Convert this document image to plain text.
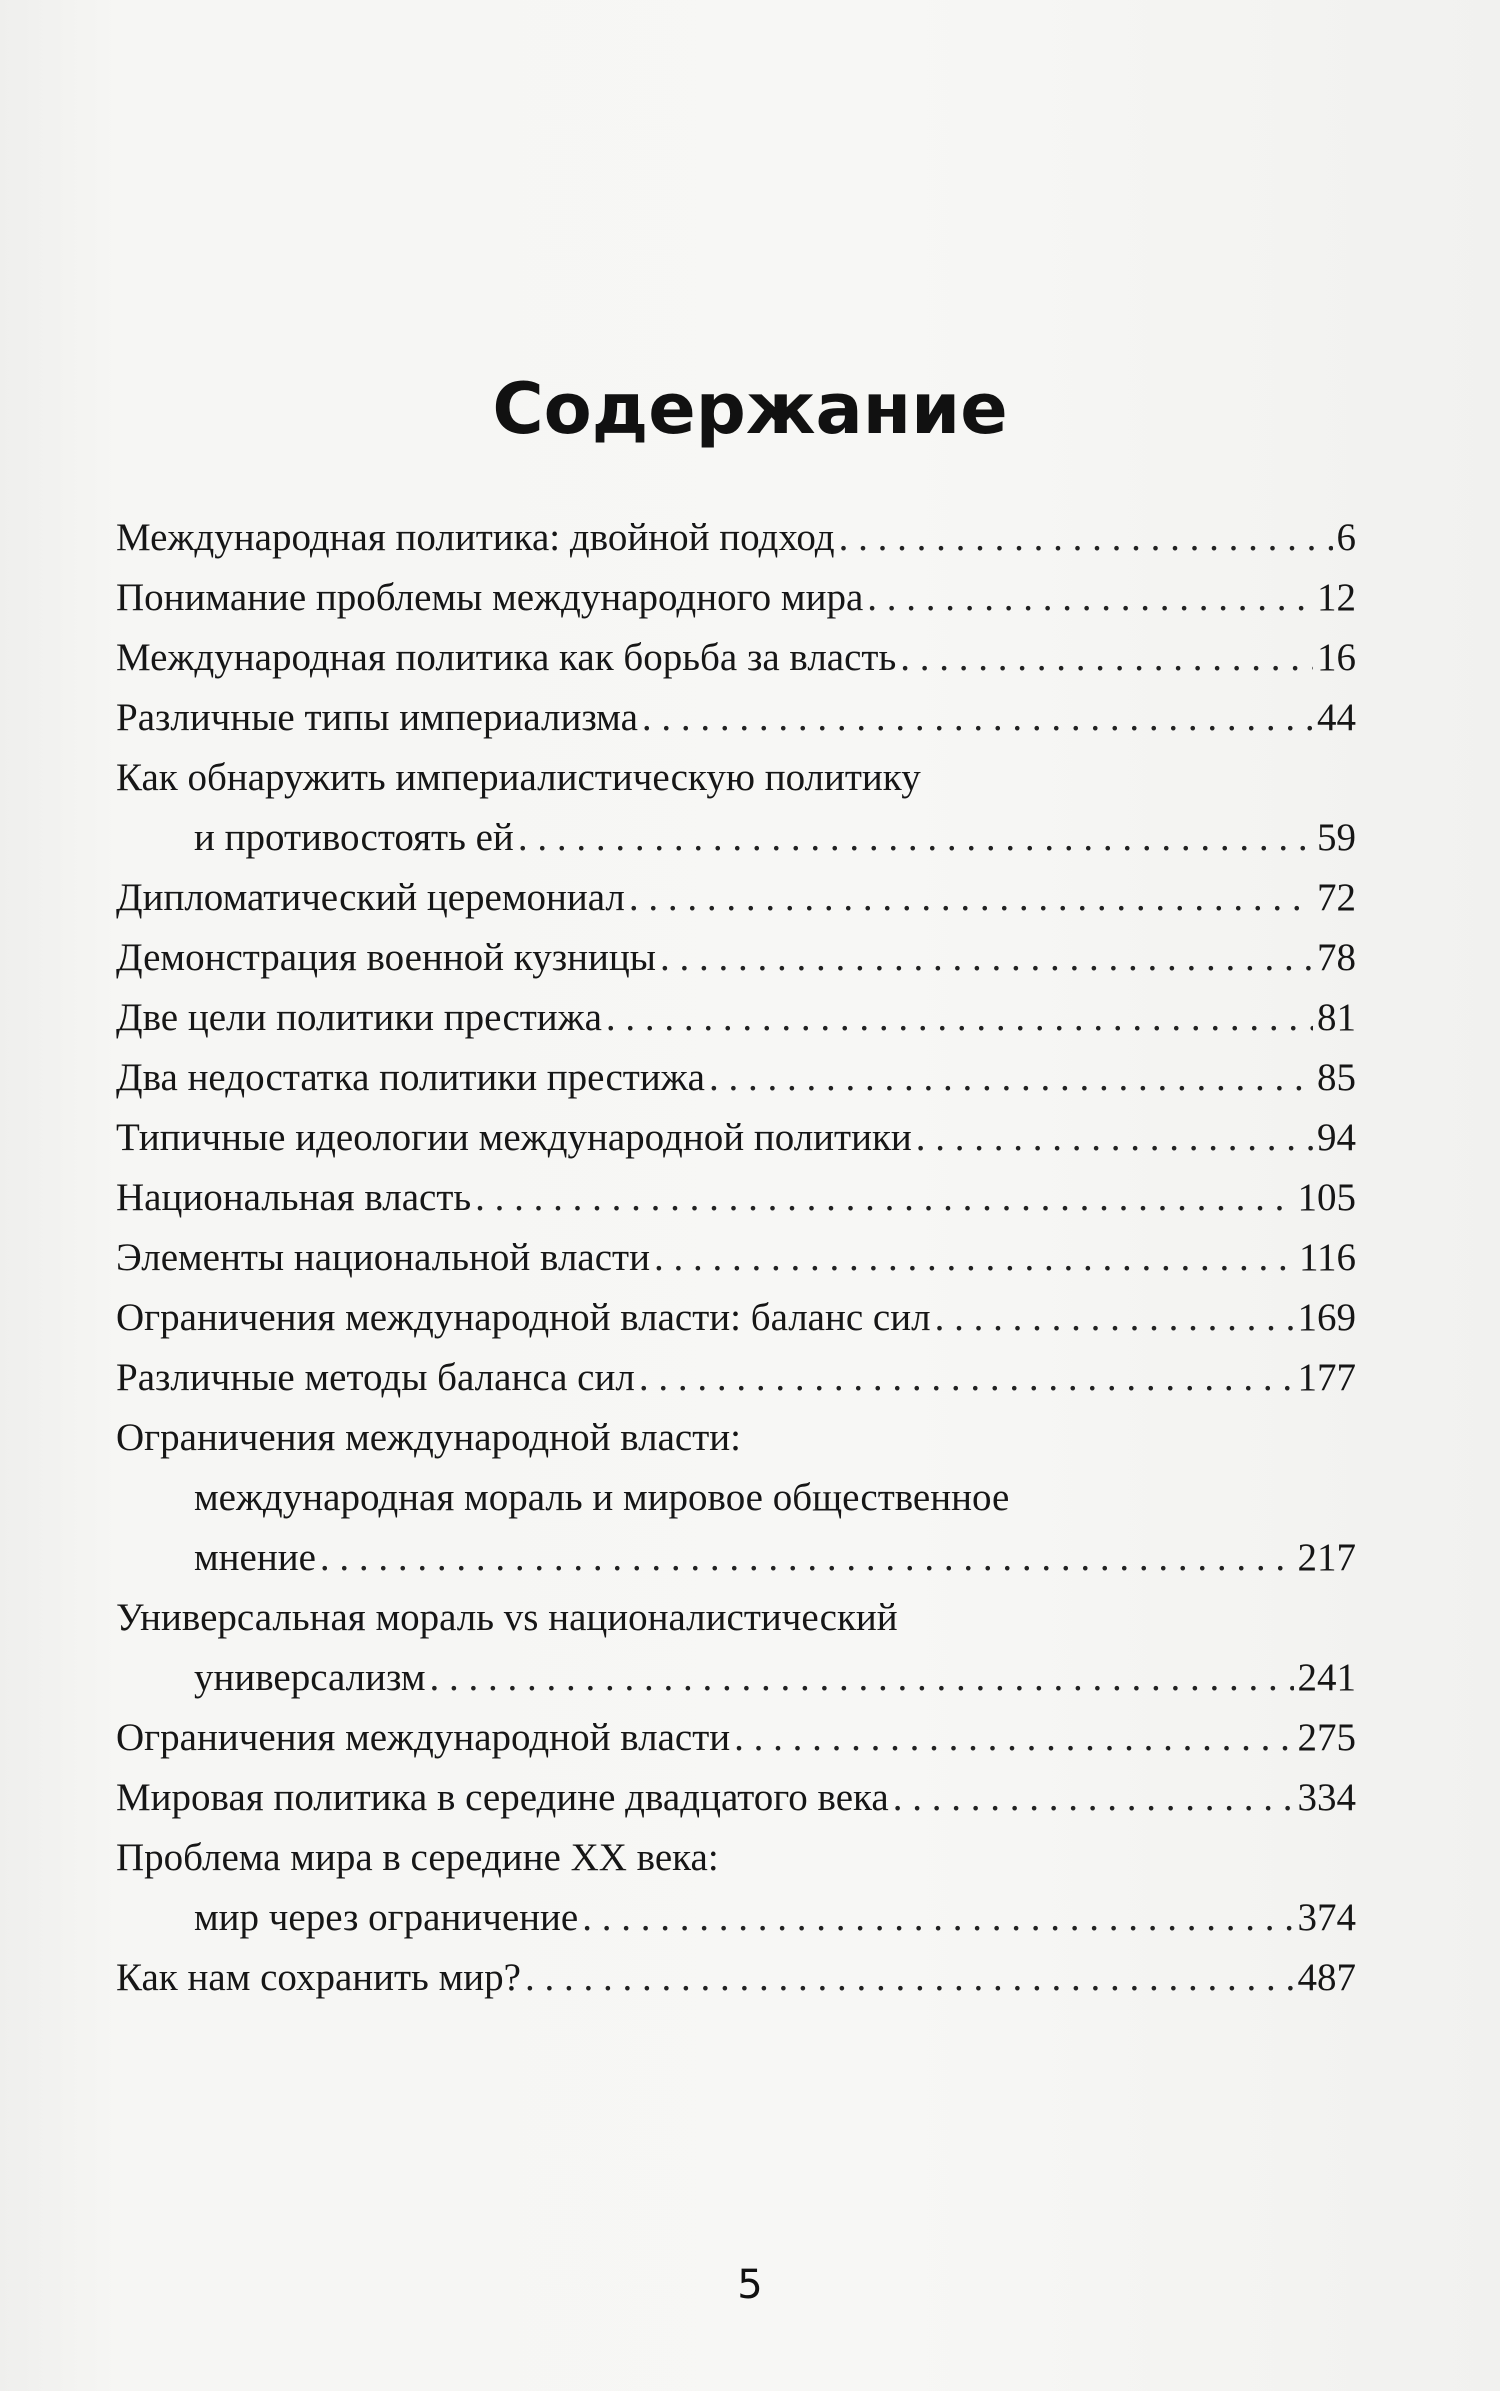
Содержание
Международная политика: двойной подход . . .	6
Понимание проблемы международного мира . . .	12
Международная политика как борьба за власть . . .	16
Различные типы империализма . . .	44
Как обнаружить империалистическую политику
и противостоять ей . . .	59
Дипломатический церемониал . . .	72
Демонстрация военной кузницы . . .	78
Две цели политики престижа . . .	81
Два недостатка политики престижа . . .	85
Типичные идеологии международной политики . . .	94
Национальная власть . . .	105
Элементы национальной власти . . .	116
Ограничения международной власти: баланс сил . . .	169
Различные методы баланса сил . . .	177
Ограничения международной власти:
международная мораль и мировое общественное
мнение . . .	217
Универсальная мораль vs националистический
универсализм . . .	241
Ограничения международной власти . . .	275
Мировая политика в середине двадцатого века . . .	334
Проблема мира в середине XX века:
мир через ограничение . . .	374
Как нам сохранить мир? . . .	487
5
